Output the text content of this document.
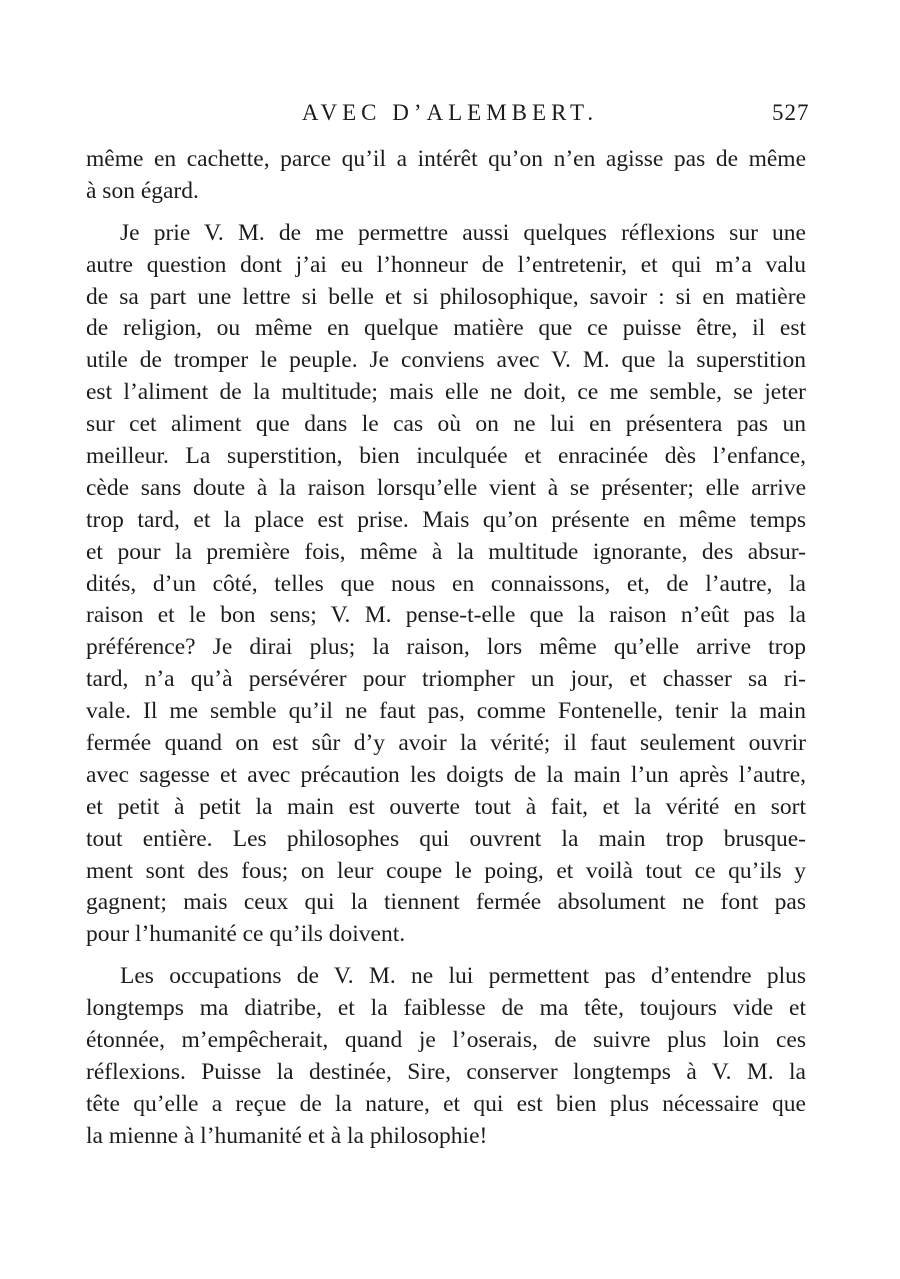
AVEC D’ALEMBERT.	527
même en cachette, parce qu’il a intérêt qu’on n’en agisse pas de même
à son égard.
Je prie V. M. de me permettre aussi quelques réflexions sur une
autre question dont j’ai eu l’honneur de l’entretenir, et qui m’a valu
de sa part une lettre si belle et si philosophique, savoir : si en matière
de religion, ou même en quelque matière que ce puisse être, il est
utile de tromper le peuple. Je conviens avec V. M. que la superstition
est l’aliment de la multitude; mais elle ne doit, ce me semble, se jeter
sur cet aliment que dans le cas où on ne lui en présentera pas un
meilleur. La superstition, bien inculquée et enracinée dès l’enfance,
cède sans doute à la raison lorsqu’elle vient à se présenter; elle arrive
trop tard, et la place est prise. Mais qu’on présente en même temps
et pour la première fois, même à la multitude ignorante, des absur-
dités, d’un côté, telles que nous en connaissons, et, de l’autre, la
raison et le bon sens; V. M. pense-t-elle que la raison n’eût pas la
préférence? Je dirai plus; la raison, lors même qu’elle arrive trop
tard, n’a qu’à persévérer pour triompher un jour, et chasser sa ri-
vale. Il me semble qu’il ne faut pas, comme Fontenelle, tenir la main
fermée quand on est sûr d’y avoir la vérité; il faut seulement ouvrir
avec sagesse et avec précaution les doigts de la main l’un après l’autre,
et petit à petit la main est ouverte tout à fait, et la vérité en sort
tout entière. Les philosophes qui ouvrent la main trop brusque-
ment sont des fous; on leur coupe le poing, et voilà tout ce qu’ils y
gagnent; mais ceux qui la tiennent fermée absolument ne font pas
pour l’humanité ce qu’ils doivent.
Les occupations de V. M. ne lui permettent pas d’entendre plus
longtemps ma diatribe, et la faiblesse de ma tête, toujours vide et
étonnée, m’empêcherait, quand je l’oserais, de suivre plus loin ces
réflexions. Puisse la destinée, Sire, conserver longtemps à V. M. la
tête qu’elle a reçue de la nature, et qui est bien plus nécessaire que
la mienne à l’humanité et à la philosophie!
